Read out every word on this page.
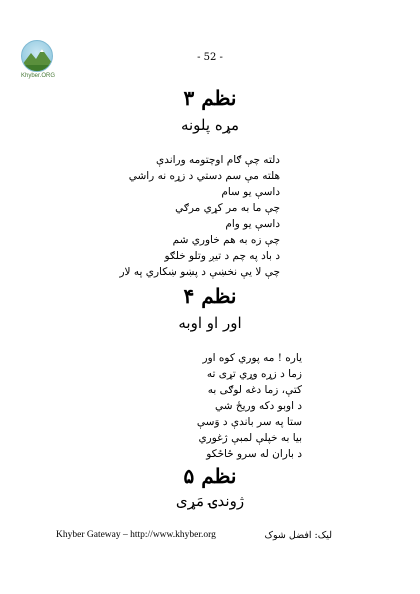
Khyber.ORG
- 52 -
نظم ۳
مړه پلونه
دلته چې ګام اوچتومه وراندې
هلته مې سم دستي د زړه نه راشي
داسې يو سام
چې ما به مر کړي مرګي
داسې يو وام
چې زه به هم خاوري شم
د باد په چم د تيږ وتلو خلګو
چې لا يې نخښې د پښو ښکاري په لار
نظم ۴
اور او اوبه
ياره ! مه پوري کوه اور
زما د زړه وړي تړی ته
کتې، زما دغه لوګی به
د اوبو دکه وريځ شي
ستا په سر باندې د وَسې
بيا به خپلې لمبې ژغوري
د باران له سرو ځاځکو
نظم ۵
ژوندۍ مَړی
Khyber Gateway – http://www.khyber.org	ليک: افضل شوک
